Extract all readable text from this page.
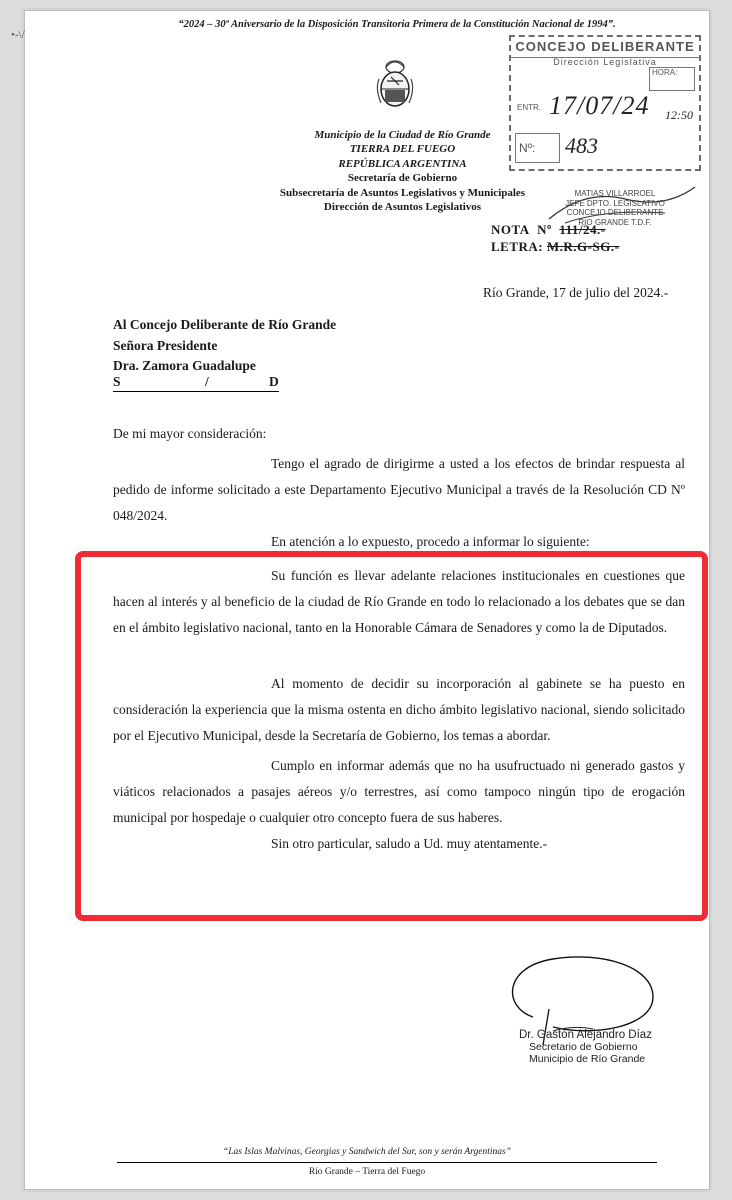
•-\/
“2024 – 30º Aniversario de la Disposición Transitoria Primera de la Constitución Nacional de 1994”.
Municipio de la Ciudad de Río Grande
TIERRA DEL FUEGO
REPÚBLICA ARGENTINA
Secretaría de Gobierno
Subsecretaría de Asuntos Legislativos y Municipales
Dirección de Asuntos Legislativos
CONCEJO DELIBERANTE
Dirección Legislativa
HORA:
12:50
ENTR. 17/07/24
Nº:	483
MATIAS VILLARROEL
JEFE DPTO. LEGISLATIVO
CONCEJO DELIBERANTE
RIO GRANDE T.D.F.
NOTA Nº 111/24.-
LETRA: M.R.G-SG.-
Río Grande, 17 de julio del 2024.-
Al Concejo Deliberante de Río Grande
Señora Presidente
Dra. Zamora Guadalupe
S	/	D
De mi mayor consideración:
Tengo el agrado de dirigirme a usted a los efectos de brindar respuesta al pedido de informe solicitado a este Departamento Ejecutivo Municipal a través de la Resolución CD Nº 048/2024.
En atención a lo expuesto, procedo a informar lo siguiente:
Su función es llevar adelante relaciones institucionales en cuestiones que hacen al interés y al beneficio de la ciudad de Río Grande en todo lo relacionado a los debates que se dan en el ámbito legislativo nacional, tanto en la Honorable Cámara de Senadores y como la de Diputados.
Al momento de decidir su incorporación al gabinete se ha puesto en consideración la experiencia que la misma ostenta en dicho ámbito legislativo nacional, siendo solicitado por el Ejecutivo Municipal, desde la Secretaría de Gobierno, los temas a abordar.
Cumplo en informar además que no ha usufructuado ni generado gastos y viáticos relacionados a pasajes aéreos y/o terrestres, así como tampoco ningún tipo de erogación municipal por hospedaje o cualquier otro concepto fuera de sus haberes.
Sin otro particular, saludo a Ud. muy atentamente.-
Dr. Gastón Alejandro Díaz
Secretario de Gobierno
Municipio de Río Grande
“Las Islas Malvinas, Georgias y Sandwich del Sur, son y serán Argentinas”
Río Grande – Tierra del Fuego
